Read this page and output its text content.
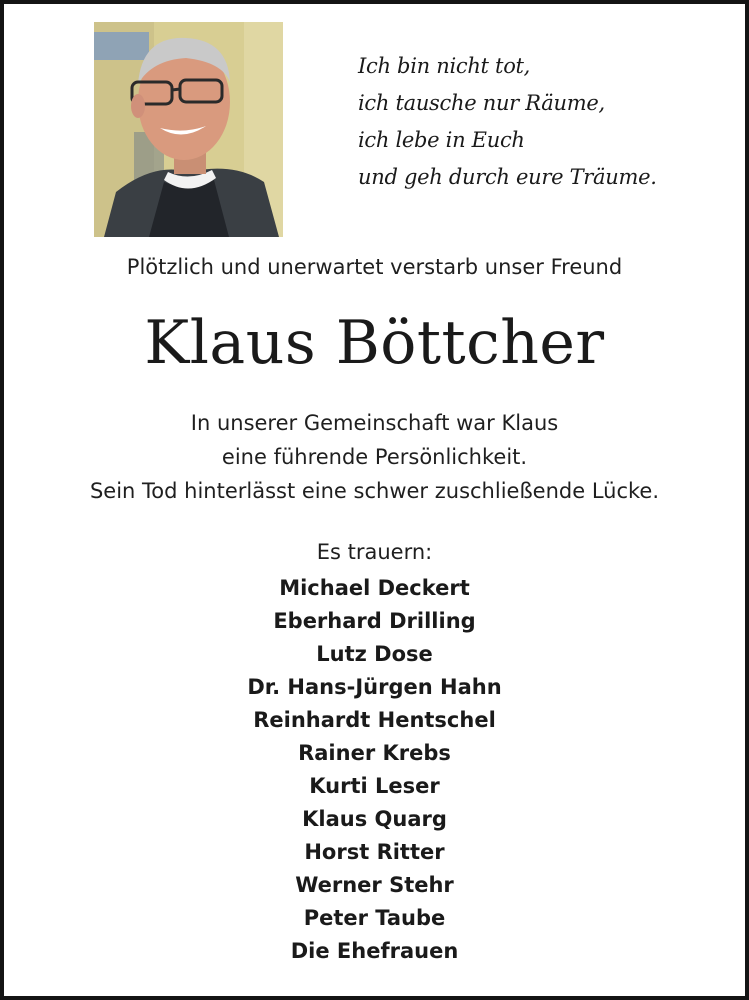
Ich bin nicht tot,
ich tausche nur Räume,
ich lebe in Euch
und geh durch eure Träume.
Plötzlich und unerwartet verstarb unser Freund
Klaus Böttcher
In unserer Gemeinschaft war Klaus
eine führende Persönlichkeit.
Sein Tod hinterlässt eine schwer zuschließende Lücke.
Es trauern:
Michael Deckert
Eberhard Drilling
Lutz Dose
Dr. Hans-Jürgen Hahn
Reinhardt Hentschel
Rainer Krebs
Kurti Leser
Klaus Quarg
Horst Ritter
Werner Stehr
Peter Taube
Die Ehefrauen
